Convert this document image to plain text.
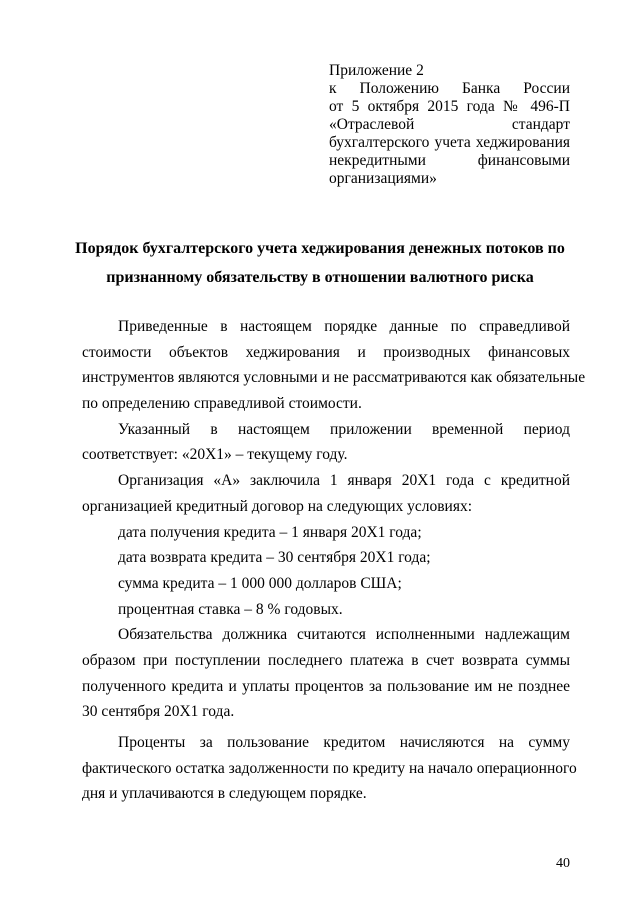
Приложение 2
к Положению Банка России
от 5 октября 2015 года № 496-П
«Отраслевой стандарт
бухгалтерского учета хеджирования
некредитными финансовыми
организациями»
Порядок бухгалтерского учета хеджирования денежных потоков по
признанному обязательству в отношении валютного риска
Приведенные в настоящем порядке данные по справедливой
стоимости объектов хеджирования и производных финансовых
инструментов являются условными и не рассматриваются как обязательные
по определению справедливой стоимости.
Указанный в настоящем приложении временной период
соответствует: «20Х1» – текущему году.
Организация «А» заключила 1 января 20Х1 года с кредитной
организацией кредитный договор на следующих условиях:
дата получения кредита – 1 января 20Х1 года;
дата возврата кредита – 30 сентября 20Х1 года;
сумма кредита – 1 000 000 долларов США;
процентная ставка – 8 % годовых.
Обязательства должника считаются исполненными надлежащим
образом при поступлении последнего платежа в счет возврата суммы
полученного кредита и уплаты процентов за пользование им не позднее
30 сентября 20Х1 года.
Проценты за пользование кредитом начисляются на сумму
фактического остатка задолженности по кредиту на начало операционного
дня и уплачиваются в следующем порядке.
40
